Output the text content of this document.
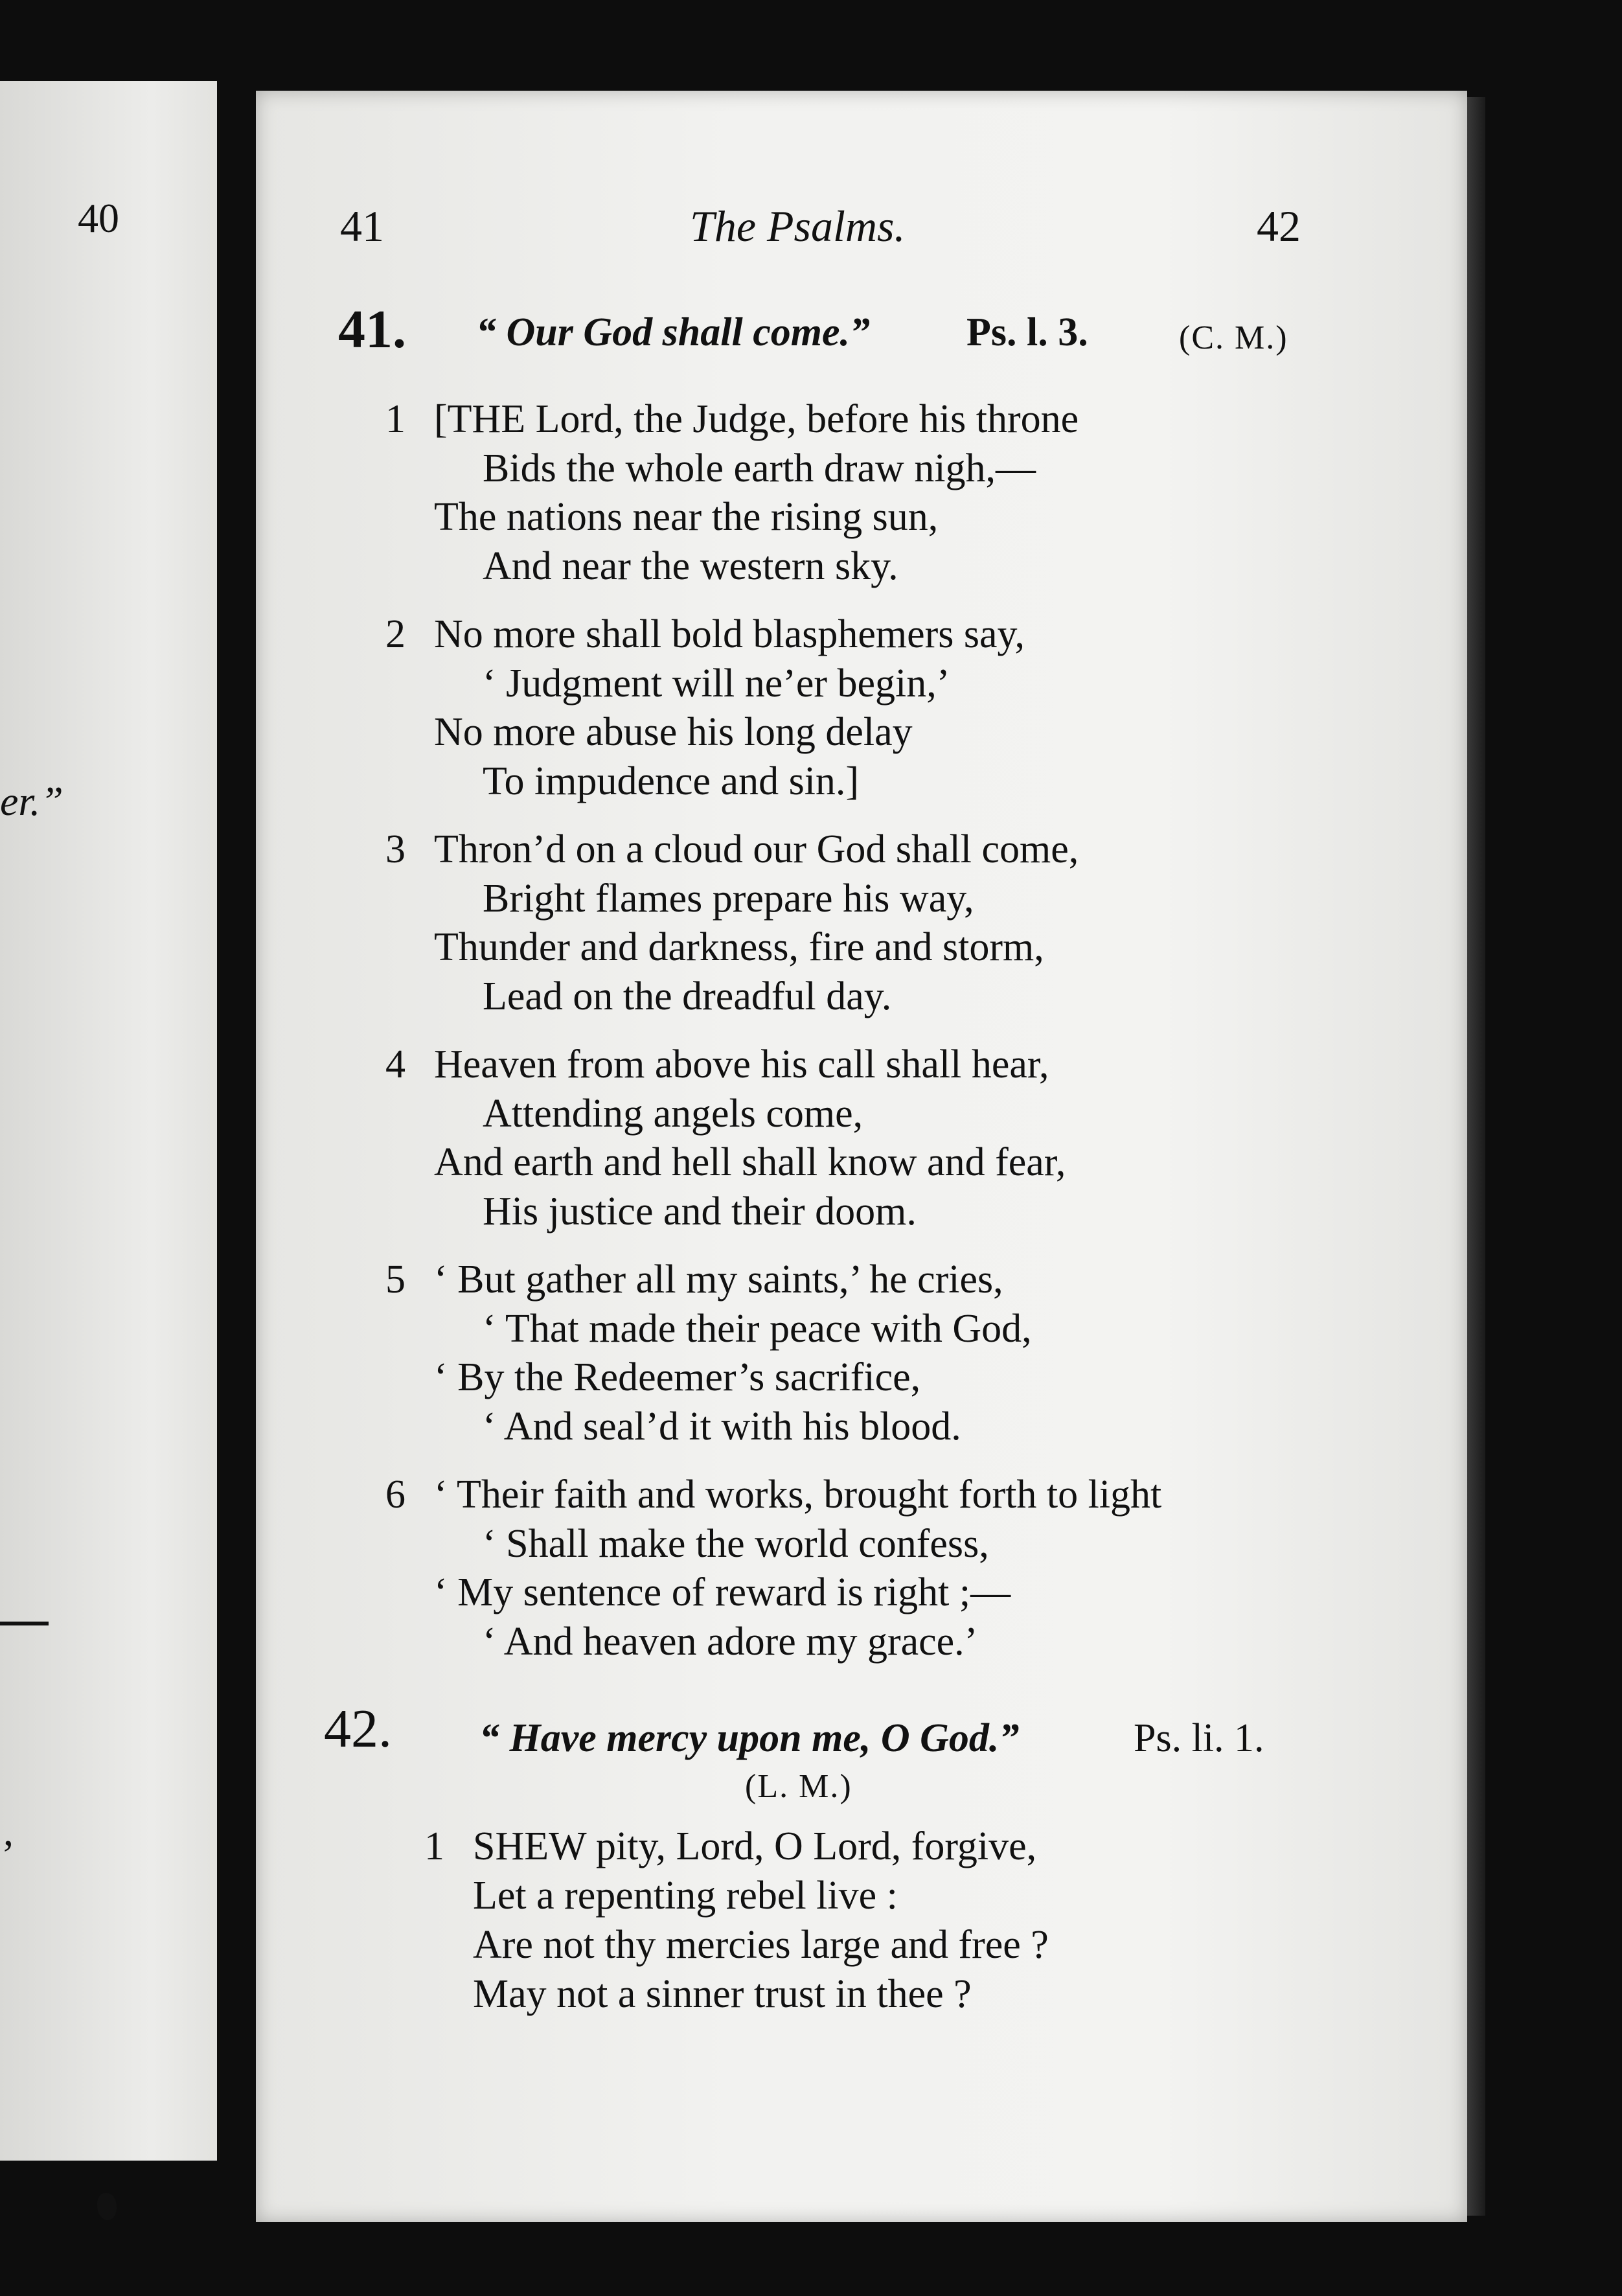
40
er.”
,
41	The Psalms.	42
41. “ Our God shall come.” Ps. l. 3.	(C. M.)
1 [THE Lord, the Judge, before his throne
Bids the whole earth draw nigh,—
The nations near the rising sun,
And near the western sky.
2 No more shall bold blasphemers say,
‘ Judgment will ne’er begin,’
No more abuse his long delay
To impudence and sin.]
3 Thron’d on a cloud our God shall come,
Bright flames prepare his way,
Thunder and darkness, fire and storm,
Lead on the dreadful day.
4 Heaven from above his call shall hear,
Attending angels come,
And earth and hell shall know and fear,
His justice and their doom.
5 ‘ But gather all my saints,’ he cries,
‘ That made their peace with God,
‘ By the Redeemer’s sacrifice,
‘ And seal’d it with his blood.
6 ‘ Their faith and works, brought forth to light
‘ Shall make the world confess,
‘ My sentence of reward is right ;—
‘ And heaven adore my grace.’
42. “ Have mercy upon me, O God.”	Ps. li. 1.
(L. M.)
1 SHEW pity, Lord, O Lord, forgive,
Let a repenting rebel live :
Are not thy mercies large and free ?
May not a sinner trust in thee ?
